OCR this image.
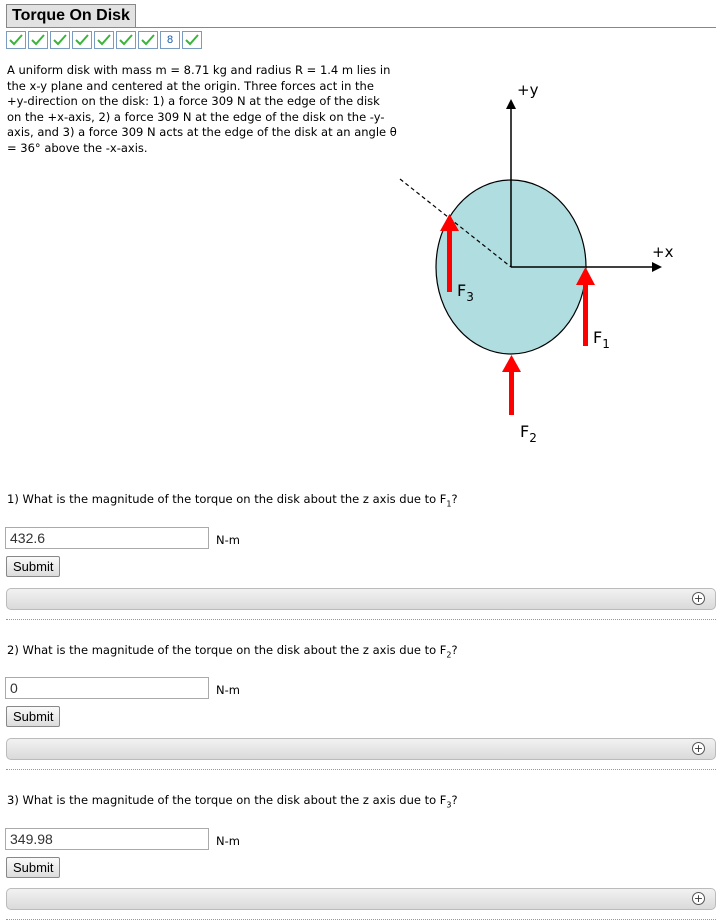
Torque On Disk
8
A uniform disk with mass m = 8.71 kg and radius R = 1.4 m lies in the x-y plane and centered at the origin. Three forces act in the +y-direction on the disk: 1) a force 309 N at the edge of the disk on the +x-axis, 2) a force 309 N at the edge of the disk on the -y-axis, and 3) a force 309 N acts at the edge of the disk at an angle θ = 36° above the -x-axis.
+y
+x
$F_3$
$F_1$
$F_2$
1) What is the magnitude of the torque on the disk about the z axis due to $F_1$?
432.6	N-m
Submit
+
2) What is the magnitude of the torque on the disk about the z axis due to $F_2$?
0	N-m
Submit
+
3) What is the magnitude of the torque on the disk about the z axis due to $F_3$?
349.98	N-m
Submit
+
